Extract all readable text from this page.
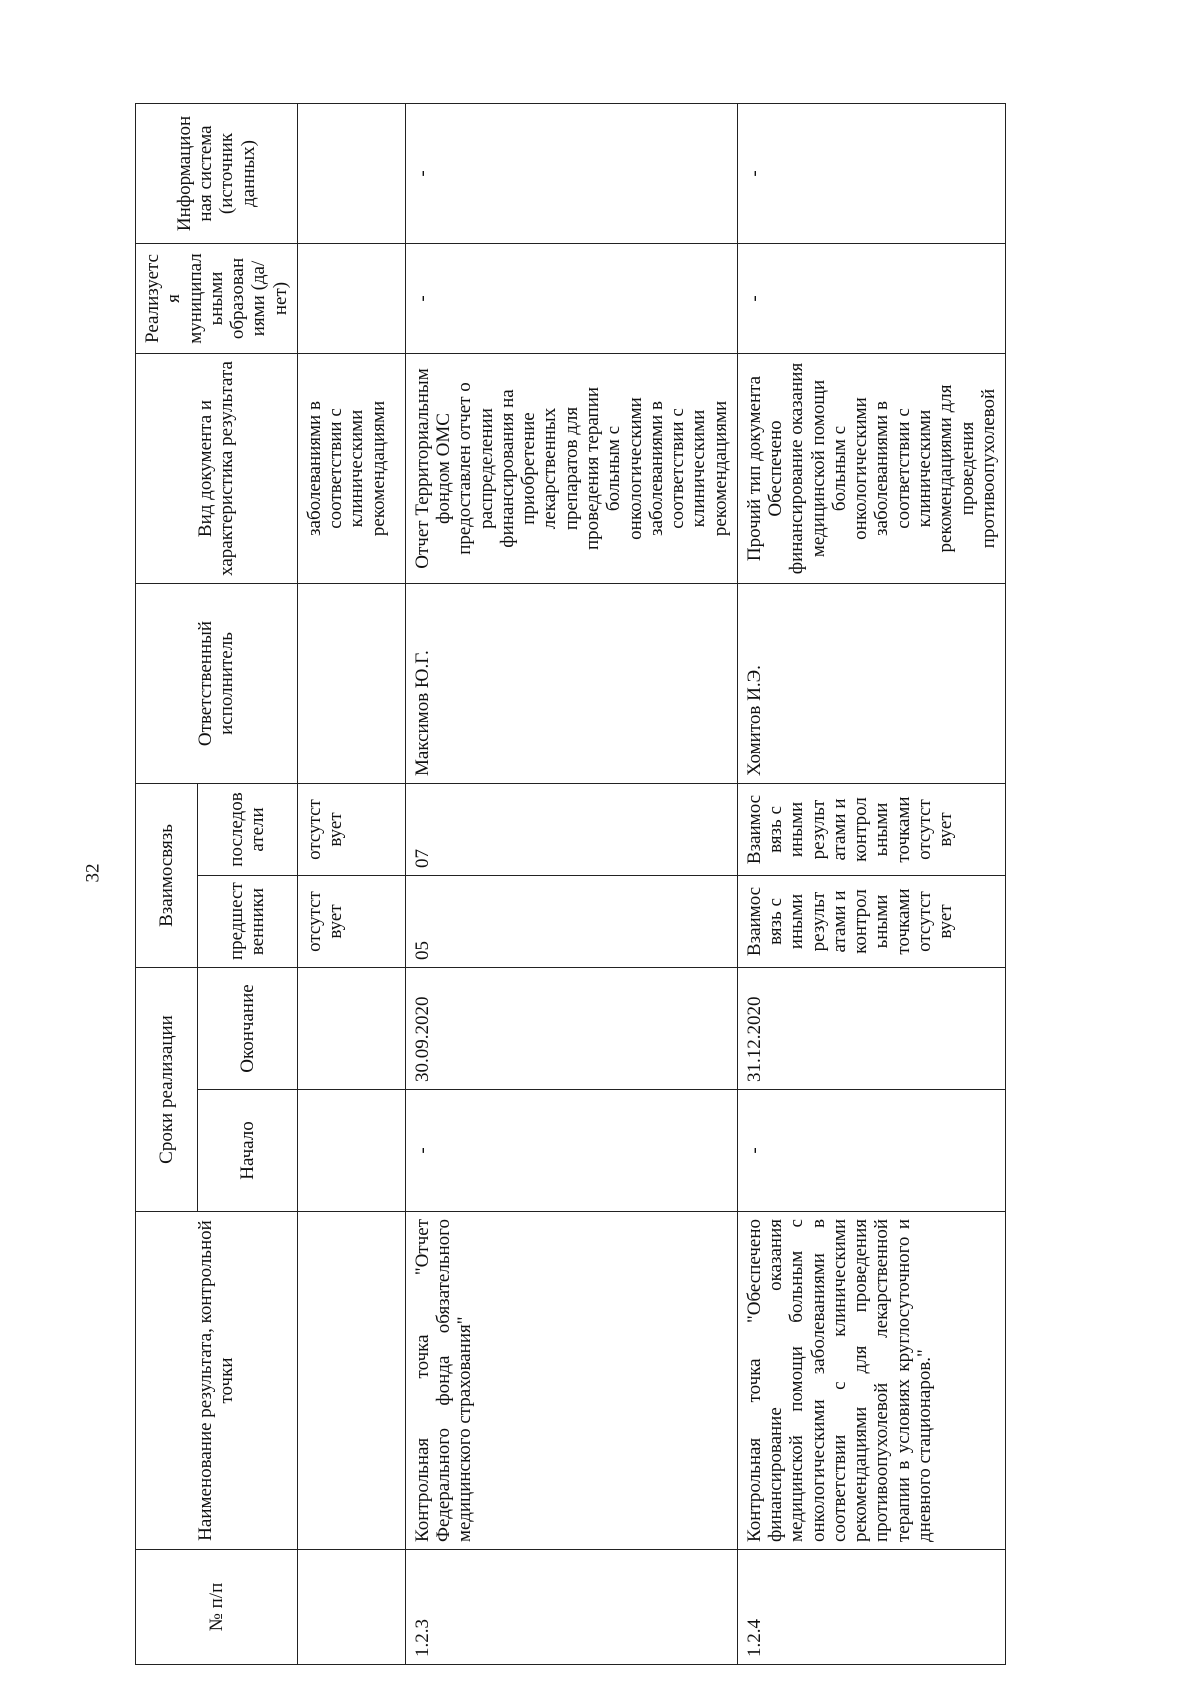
32
№ п/п	Наименование результата, контрольной точки	Сроки реализации		Взаимосвязь		Ответственный исполнитель	Вид документа и характеристика результата	Реализуетс я муниципал ьными образован иями (да/нет)	Информацион ная система (источник данных)
		Начало	Окончание	предшест венники	последов атели				
				отсутст вует	отсутст вует		заболеваниями в соответствии с клиническими рекомендациями		
1.2.3	Контрольная точка "Отчет Федерального фонда обязательного медицинского страхования"	-	30.09.2020	05	07	Максимов Ю.Г.	Отчет Территориальным фондом ОМС предоставлен отчет о распределении финансирования на приобретение лекарственных препаратов для проведения терапии больным с онкологическими заболеваниями в соответствии с клиническими рекомендациями	-	-
1.2.4	Контрольная точка "Обеспечено финансирование оказания медицинской помощи больным с онкологическими заболеваниями в соответствии с клиническими рекомендациями для проведения противоопухолевой лекарственной терапии в условиях круглосуточного и дневного стационаров."	-	31.12.2020	Взаимос вязь с иными результ атами и контрол ьными точками отсутст вует	Взаимос вязь с иными результ атами и контрол ьными точками отсутст вует	Хомитов И.Э.	Прочий тип документа Обеспечено финансирование оказания медицинской помощи больным с онкологическими заболеваниями в соответствии с клиническими рекомендациями для проведения противоопухолевой	-	-
